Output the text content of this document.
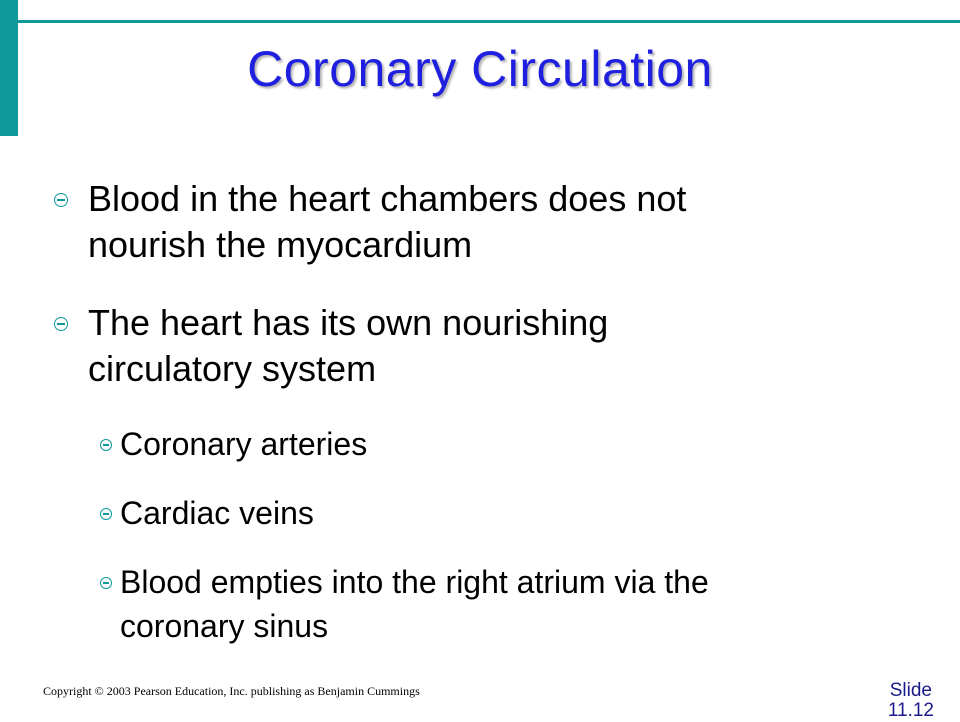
Coronary Circulation
Blood in the heart chambers does not
nourish the myocardium
The heart has its own nourishing
circulatory system
Coronary arteries
Cardiac veins
Blood empties into the right atrium via the
coronary sinus
Copyright © 2003 Pearson Education, Inc. publishing as Benjamin Cummings	Slide
11.12
